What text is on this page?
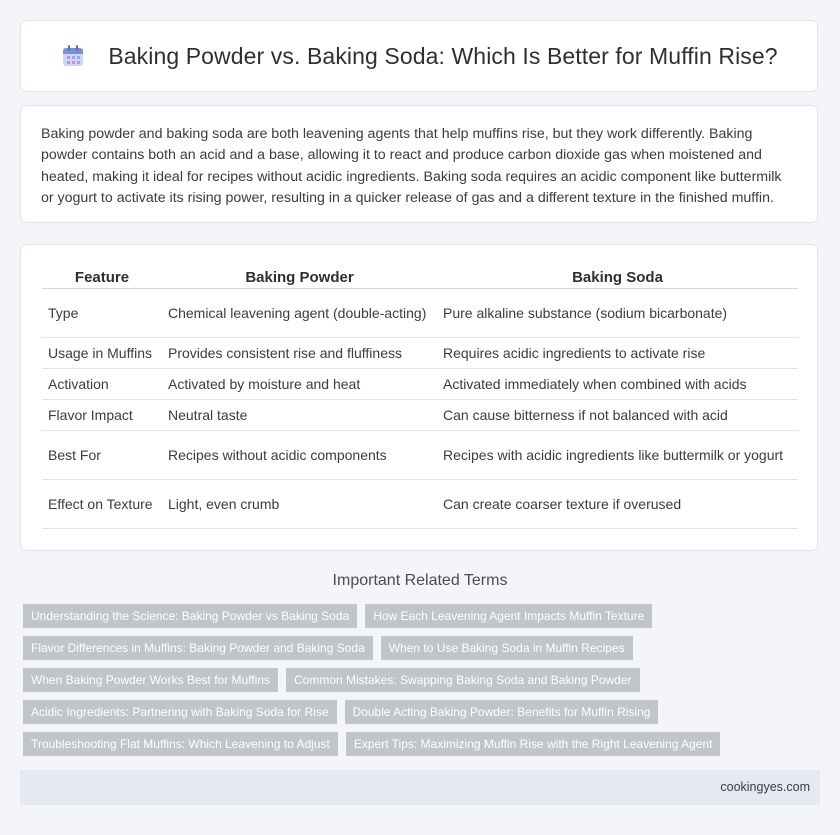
Baking Powder vs. Baking Soda: Which Is Better for Muffin Rise?

Baking powder and baking soda are both leavening agents that help muffins rise, but they work differently. Baking powder contains both an acid and a base, allowing it to react and produce carbon dioxide gas when moistened and heated, making it ideal for recipes without acidic ingredients. Baking soda requires an acidic component like buttermilk or yogurt to activate its rising power, resulting in a quicker release of gas and a different texture in the finished muffin.

Feature	Baking Powder	Baking Soda
Type	Chemical leavening agent (double-acting)	Pure alkaline substance (sodium bicarbonate)
Usage in Muffins	Provides consistent rise and fluffiness	Requires acidic ingredients to activate rise
Activation	Activated by moisture and heat	Activated immediately when combined with acids
Flavor Impact	Neutral taste	Can cause bitterness if not balanced with acid
Best For	Recipes without acidic components	Recipes with acidic ingredients like buttermilk or yogurt
Effect on Texture	Light, even crumb	Can create coarser texture if overused
Important Related Terms
Understanding the Science: Baking Powder vs Baking Soda	How Each Leavening Agent Impacts Muffin Texture
Flavor Differences in Muffins: Baking Powder and Baking Soda	When to Use Baking Soda in Muffin Recipes
When Baking Powder Works Best for Muffins	Common Mistakes: Swapping Baking Soda and Baking Powder
Acidic Ingredients: Partnering with Baking Soda for Rise	Double Acting Baking Powder: Benefits for Muffin Rising
Troubleshooting Flat Muffins: Which Leavening to Adjust	Expert Tips: Maximizing Muffin Rise with the Right Leavening Agent
cookingyes.com
